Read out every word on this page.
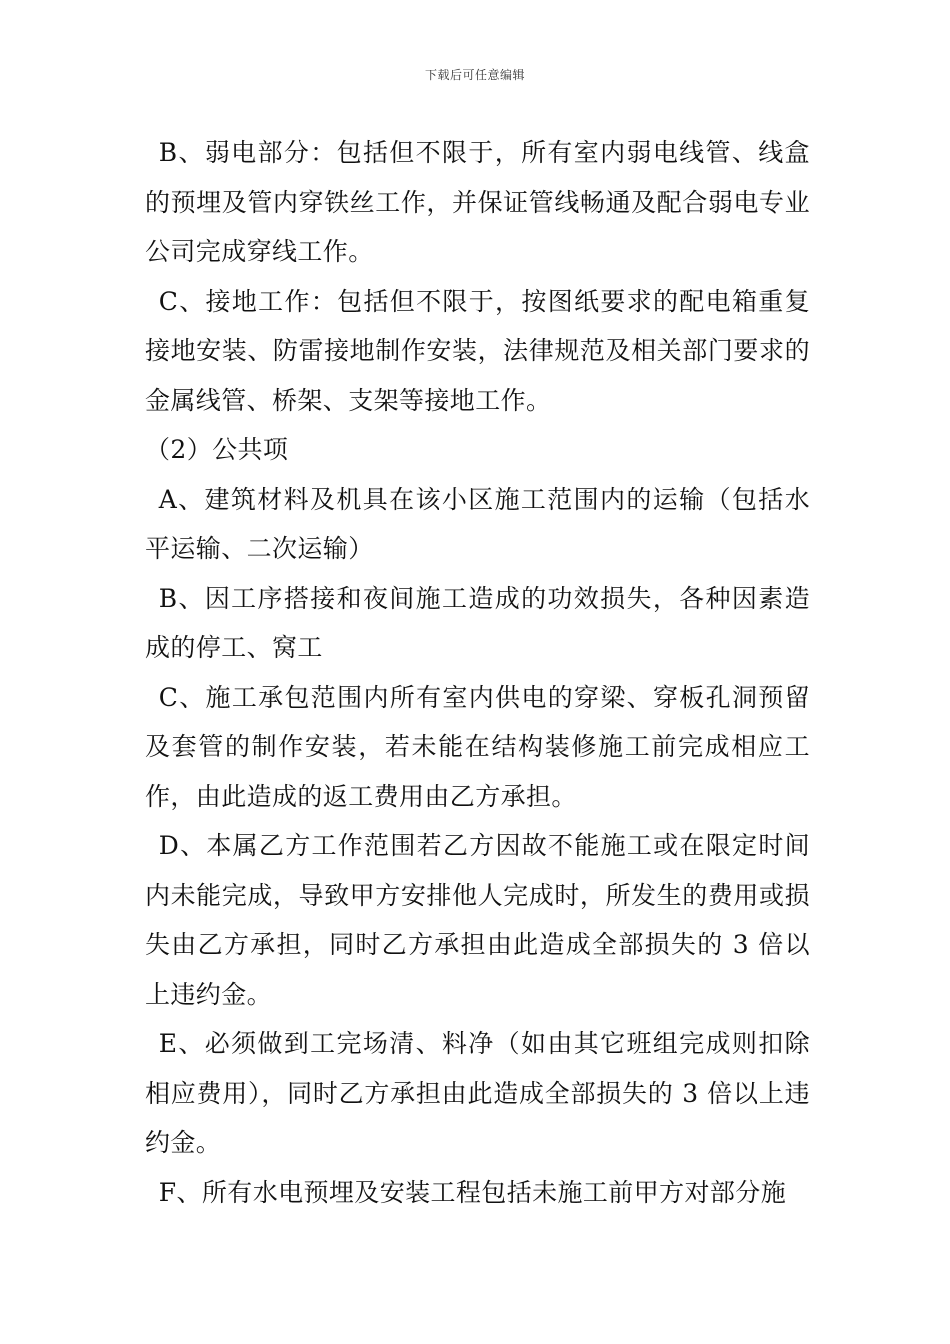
下载后可任意编辑

B、弱电部分：包括但不限于，所有室内弱电线管、线盒的预埋及管内穿铁丝工作，并保证管线畅通及配合弱电专业公司完成穿线工作。

C、接地工作：包括但不限于，按图纸要求的配电箱重复接地安装、防雷接地制作安装，法律规范及相关部门要求的金属线管、桥架、支架等接地工作。

（2）公共项

A、建筑材料及机具在该小区施工范围内的运输（包括水平运输、二次运输）

B、因工序搭接和夜间施工造成的功效损失，各种因素造成的停工、窝工

C、施工承包范围内所有室内供电的穿梁、穿板孔洞预留及套管的制作安装，若未能在结构装修施工前完成相应工作，由此造成的返工费用由乙方承担。

D、本属乙方工作范围若乙方因故不能施工或在限定时间内未能完成，导致甲方安排他人完成时，所发生的费用或损失由乙方承担，同时乙方承担由此造成全部损失的 3 倍以上违约金。

E、必须做到工完场清、料净（如由其它班组完成则扣除相应费用），同时乙方承担由此造成全部损失的 3 倍以上违约金。

F、所有水电预埋及安装工程包括未施工前甲方对部分施
